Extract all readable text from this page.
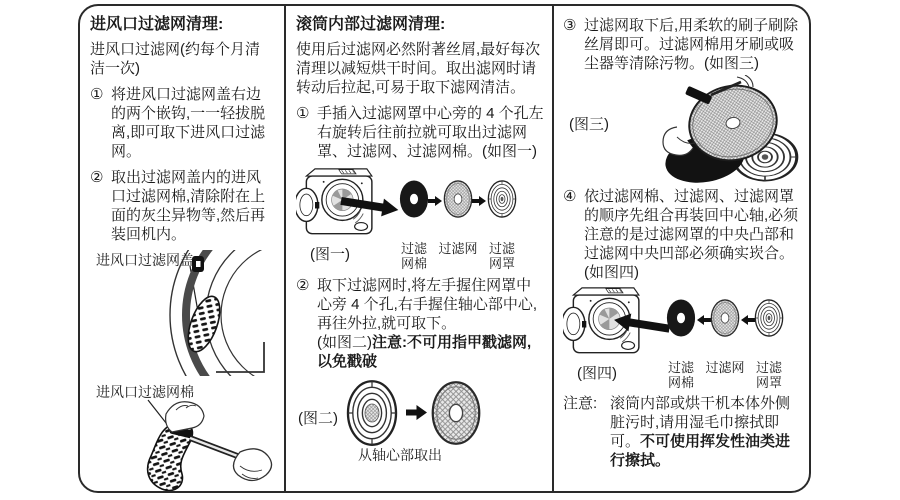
进风口过滤网清理:
进风口过滤网(约每个月清洁一次)
① 将进风口过滤网盖右边的两个嵌钩,一一轻拔脱离,即可取下进风口过滤网。
② 取出过滤网盖内的进风口过滤网棉,清除附在上面的灰尘异物等,然后再装回机内。
进风口过滤网盖
进风口过滤网棉
滚筒内部过滤网清理:
使用后过滤网必然附著丝屑,最好每次清理以减短烘干时间。取出滤网时请转动后拉起,可易于取下滤网清洁。
① 手插入过滤网罩中心旁的 4 个孔左右旋转后往前拉就可取出过滤网罩、过滤网、过滤网棉。(如图一)
(图一)	过滤网棉
过滤网 过滤网罩
② 取下过滤网时,将左手握住网罩中心旁 4 个孔,右手握住轴心部中心,再往外拉,就可取下。
(如图二)注意:不可用指甲戳滤网,以免戳破
(图二)
从轴心部取出
③ 过滤网取下后,用柔软的刷子刷除丝屑即可。过滤网棉用牙刷或吸尘器等清除污物。(如图三)
(图三)
④ 依过滤网棉、过滤网、过滤网罩的顺序先组合再装回中心轴,必须注意的是过滤网罩的中央凸部和过滤网中央凹部必须确实崁合。(如图四)
(图四)	过滤网棉
过滤网 过滤网罩
注意: 滚筒内部或烘干机本体外侧脏污时,请用湿毛巾擦拭即可。不可使用挥发性油类进行擦拭。
